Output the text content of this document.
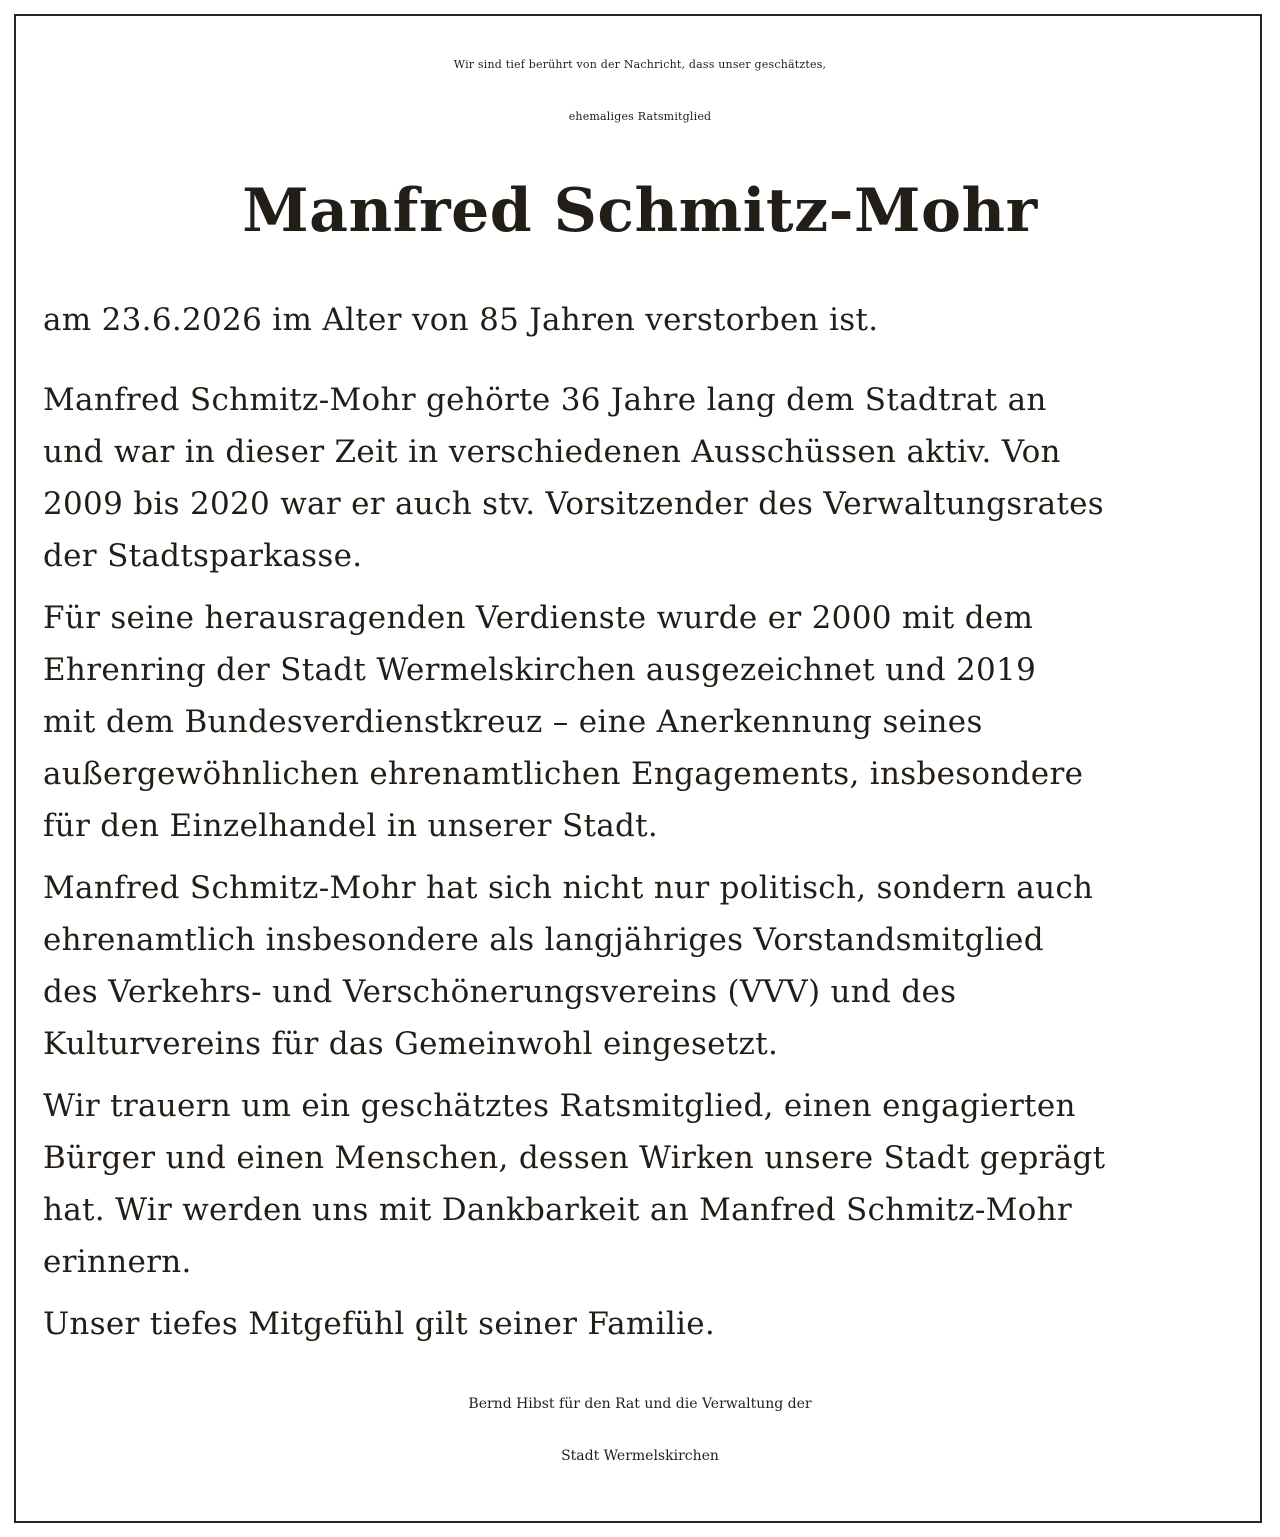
Wir sind tief berührt von der Nachricht, dass unser geschätztes,

ehemaliges Ratsmitglied

Manfred Schmitz-Mohr

am 23.6.2026 im Alter von 85 Jahren verstorben ist.

Manfred Schmitz-Mohr gehörte 36 Jahre lang dem Stadtrat an

und war in dieser Zeit in verschiedenen Ausschüssen aktiv. Von

2009 bis 2020 war er auch stv. Vorsitzender des Verwaltungsrates

der Stadtsparkasse.

Für seine herausragenden Verdienste wurde er 2000 mit dem

Ehrenring der Stadt Wermelskirchen ausgezeichnet und 2019

mit dem Bundesverdienstkreuz – eine Anerkennung seines

außergewöhnlichen ehrenamtlichen Engagements, insbesondere

für den Einzelhandel in unserer Stadt.

Manfred Schmitz-Mohr hat sich nicht nur politisch, sondern auch

ehrenamtlich insbesondere als langjähriges Vorstandsmitglied

des Verkehrs- und Verschönerungsvereins (VVV) und des

Kulturvereins für das Gemeinwohl eingesetzt.

Wir trauern um ein geschätztes Ratsmitglied, einen engagierten

Bürger und einen Menschen, dessen Wirken unsere Stadt geprägt

hat. Wir werden uns mit Dankbarkeit an Manfred Schmitz-Mohr

erinnern.

Unser tiefes Mitgefühl gilt seiner Familie.

Bernd Hibst für den Rat und die Verwaltung der

Stadt Wermelskirchen
